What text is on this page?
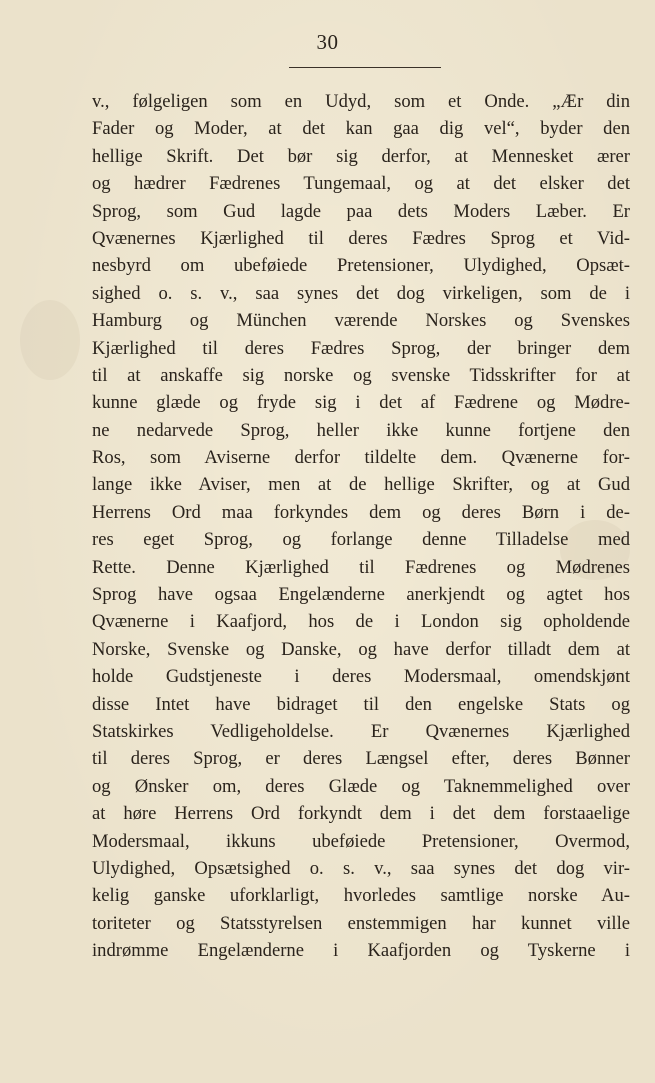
30
v., følgeligen som en Udyd, som et Onde. „Ær din
Fader og Moder, at det kan gaa dig vel“, byder den
hellige Skrift. Det bør sig derfor, at Mennesket ærer
og hædrer Fædrenes Tungemaal, og at det elsker det
Sprog, som Gud lagde paa dets Moders Læber. Er
Qvænernes Kjærlighed til deres Fædres Sprog et Vid-
nesbyrd om ubeføiede Pretensioner, Ulydighed, Opsæt-
sighed o. s. v., saa synes det dog virkeligen, som de i
Hamburg og München værende Norskes og Svenskes
Kjærlighed til deres Fædres Sprog, der bringer dem
til at anskaffe sig norske og svenske Tidsskrifter for at
kunne glæde og fryde sig i det af Fædrene og Mødre-
ne nedarvede Sprog, heller ikke kunne fortjene den
Ros, som Aviserne derfor tildelte dem. Qvænerne for-
lange ikke Aviser, men at de hellige Skrifter, og at Gud
Herrens Ord maa forkyndes dem og deres Børn i de-
res eget Sprog, og forlange denne Tilladelse med
Rette. Denne Kjærlighed til Fædrenes og Mødrenes
Sprog have ogsaa Engelænderne anerkjendt og agtet hos
Qvænerne i Kaafjord, hos de i London sig opholdende
Norske, Svenske og Danske, og have derfor tilladt dem at
holde Gudstjeneste i deres Modersmaal, omendskjønt
disse Intet have bidraget til den engelske Stats og
Statskirkes Vedligeholdelse. Er Qvænernes Kjærlighed
til deres Sprog, er deres Længsel efter, deres Bønner
og Ønsker om, deres Glæde og Taknemmelighed over
at høre Herrens Ord forkyndt dem i det dem forstaaelige
Modersmaal, ikkuns ubeføiede Pretensioner, Overmod,
Ulydighed, Opsætsighed o. s. v., saa synes det dog vir-
kelig ganske uforklarligt, hvorledes samtlige norske Au-
toriteter og Statsstyrelsen enstemmigen har kunnet ville
indrømme Engelænderne i Kaafjorden og Tyskerne i
